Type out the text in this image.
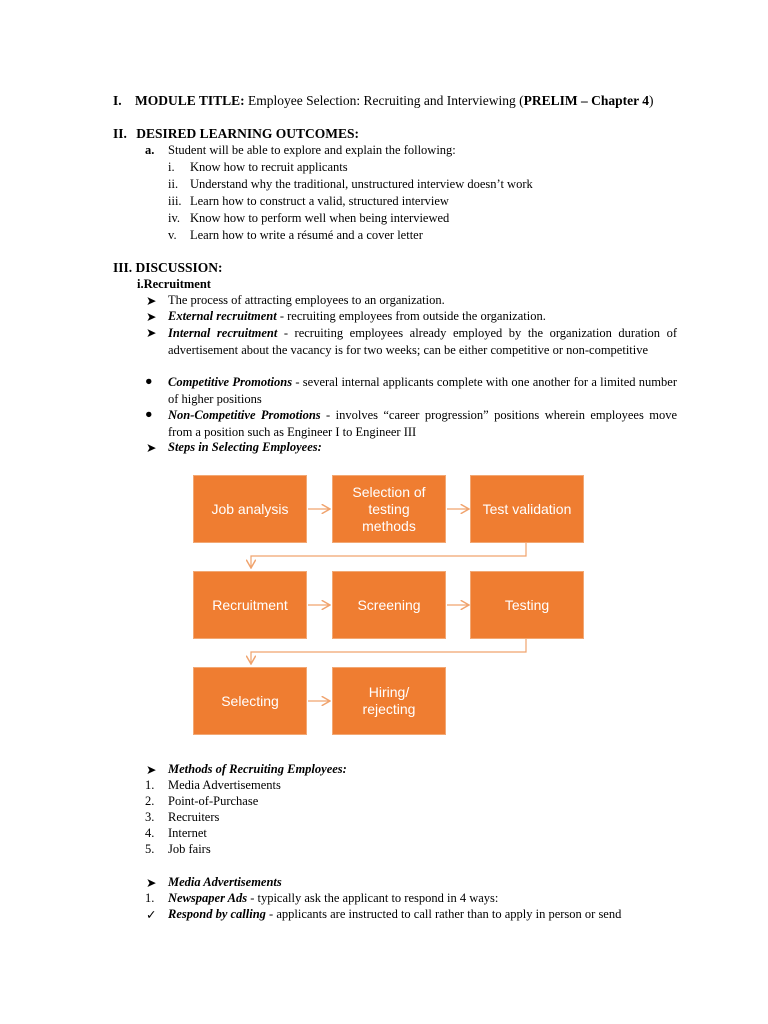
I. MODULE TITLE: Employee Selection: Recruiting and Interviewing (PRELIM – Chapter 4)
II. DESIRED LEARNING OUTCOMES:
a. Student will be able to explore and explain the following:
i. Know how to recruit applicants
ii. Understand why the traditional, unstructured interview doesn’t work
iii. Learn how to construct a valid, structured interview
iv. Know how to perform well when being interviewed
v. Learn how to write a résumé and a cover letter
III. DISCUSSION:
i.Recruitment
➤ The process of attracting employees to an organization.
➤ External recruitment - recruiting employees from outside the organization.
➤ Internal recruitment - recruiting employees already employed by the organization duration of advertisement about the vacancy is for two weeks; can be either competitive or non-competitive
● Competitive Promotions - several internal applicants complete with one another for a limited number of higher positions
● Non-Competitive Promotions - involves “career progression” positions wherein employees move from a position such as Engineer I to Engineer III
➤ Steps in Selecting Employees:
Job analysis
Selection of
testing
methods
Test validation
Recruitment	Screening	Testing
Selecting
Hiring/
rejecting
➤ Methods of Recruiting Employees:
1. Media Advertisements
2. Point-of-Purchase
3. Recruiters
4. Internet
5. Job fairs
➤ Media Advertisements
1. Newspaper Ads - typically ask the applicant to respond in 4 ways:
✓ Respond by calling - applicants are instructed to call rather than to apply in person or send
